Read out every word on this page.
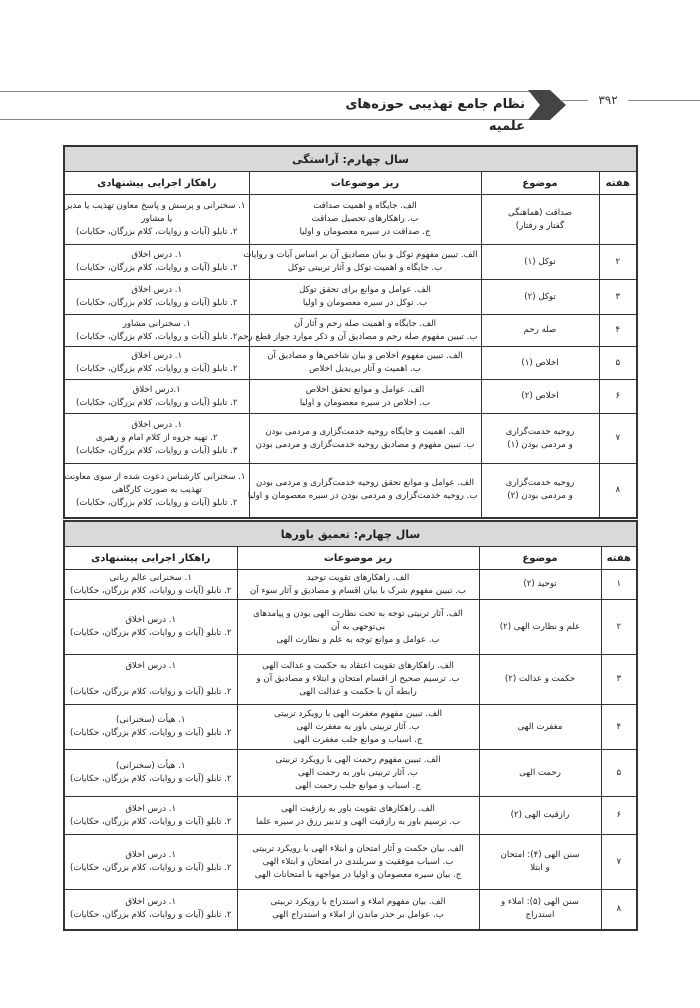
نظام جامع تهذیبی حوزه‌های علمیه
۳۹۲
سال چهارم: آراستگی			
هفته	موضوع	ریز موضوعات	راهکار اجرایی پیشنهادی

	صداقت (هماهنگی
گفتار و رفتار)	الف. جایگاه و اهمیت صداقت
ب. راهکارهای تحصیل صداقت
ج. صداقت در سیره معصومان و اولیا	۱. سخنرانی و پرسش و پاسخ معاون تهذیب یا مدیر
یا مشاور
۲. تابلو (آیات و روایات، کلام بزرگان، حکایات)

۲	توکل (۱)	الف. تبیین مفهوم توکل و بیان مصادیق آن بر اساس آیات و روایات
ب. جایگاه و اهمیت توکل و آثار تربیتی توکل	۱. درس اخلاق
۲. تابلو (آیات و روایات، کلام بزرگان، حکایات)

۳	توکل (۲)	الف. عوامل و موانع برای تحقق توکل
ب. توکل در سیره معصومان و اولیا	۱. درس اخلاق
۲. تابلو (آیات و روایات، کلام بزرگان، حکایات)

۴	صله رحم	الف. جایگاه و اهمیت صله رحم و آثار آن
ب. تبیین مفهوم صله رحم و مصادیق آن و ذکر موارد جواز قطع رحم	۱. سخنرانی مشاور
۲. تابلو (آیات و روایات، کلام بزرگان، حکایات)

۵	اخلاص (۱)	الف. تبیین مفهوم اخلاص و بیان شاخص‌ها و مصادیق آن
ب. اهمیت و آثار بی‌بدیل اخلاص	۱. درس اخلاق
۲. تابلو (آیات و روایات، کلام بزرگان، حکایات)

۶	اخلاص (۲)	الف. عوامل و موانع تحقق اخلاص
ب. اخلاص در سیره معصومان و اولیا	۱.درس اخلاق
۲. تابلو (آیات و روایات، کلام بزرگان، حکایات)

۷	روحیه خدمت‌گزاری
و مردمی بودن (۱)	الف. اهمیت و جایگاه روحیه خدمت‌گزاری و مردمی بودن
ب. تبیین مفهوم و مصادیق روحیه خدمت‌گزاری و مردمی بودن	۱. درس اخلاق
۲. تهیه جزوه از کلام امام و رهبری
۳. تابلو (آیات و روایات، کلام بزرگان، حکایات)

۸	روحیه خدمت‌گزاری
و مردمی بودن (۲)	الف. عوامل و موانع تحقق روحیه خدمت‌گزاری و مردمی بودن
ب. روحیه خدمت‌گزاری و مردمی بودن در سیره معصومان و اولیا	۱. سخنرانی کارشناس دعوت شده از سوی معاونت
تهذیب به صورت کارگاهی
۲. تابلو (آیات و روایات، کلام بزرگان، حکایات)
سال چهارم: تعمیق باورها			
هفته	موضوع	ریز موضوعات	راهکار اجرایی پیشنهادی
۱	توحید (۲)	الف. راهکارهای تقویت توحید
ب. تبیین مفهوم شرک با بیان اقسام و مصادیق و آثار سوء آن	۱. سخنرانی عالم ربانی
۲. تابلو (آیات و روایات، کلام بزرگان، حکایات)

۲	علم و نظارت الهی (۲)	الف. آثار تربیتی توجه به تحت نظارت الهی بودن و پیامدهای
بی‌توجهی به آن
ب. عوامل و موانع توجه به علم و نظارت الهی	۱. درس اخلاق
۲. تابلو (آیات و روایات، کلام بزرگان، حکایات)

۳	حکمت و عدالت (۲)	الف. راهکارهای تقویت اعتقاد به حکمت و عدالت الهی
ب. ترسیم صحیح از اقسام امتحان و ابتلاء و مصادیق آن و
رابطه آن با حکمت و عدالت الهی	۱. درس اخلاق

۲. تابلو (آیات و روایات، کلام بزرگان، حکایات)

۴	مغفرت الهی	الف. تبیین مفهوم مغفرت الهی با رویکرد تربیتی
ب. آثار تربیتی باور به مغفرت الهی
ج. اسباب و موانع جلب مغفرت الهی	۱. هیأت (سخنرانی)
۲. تابلو (آیات و روایات، کلام بزرگان، حکایات)

۵	رحمت الهی	الف. تبیین مفهوم رحمت الهی با رویکرد تربیتی
ب. آثار تربیتی باور به رحمت الهی
ج. اسباب و موانع جلب رحمت الهی	۱. هیأت (سخنرانی)
۲. تابلو (آیات و روایات، کلام بزرگان، حکایات)

۶	رازقیت الهی (۲)	الف. راهکارهای تقویت باور به رازقیت الهی
ب. ترسیم باور به رازقیت الهی و تدبیر رزق در سیره علما	۱. درس اخلاق
۲. تابلو (آیات و روایات، کلام بزرگان، حکایات)

۷	سنن الهی (۴): امتحان
و ابتلا	الف. بیان حکمت و آثار امتحان و ابتلاء الهی با رویکرد تربیتی
ب. اسباب موفقیت و سربلندی در امتحان و ابتلاء الهی
ج. بیان سیره معصومان و اولیا در مواجهه با امتحانات الهی	۱. درس اخلاق
۲. تابلو (آیات و روایات، کلام بزرگان، حکایات)

۸	سنن الهی (۵): املاء و
استدراج	الف. بیان مفهوم املاء و استدراج با رویکرد تربیتی
ب. عوامل بر حذر ماندن از املاء و استدراج الهی	۱. درس اخلاق
۲. تابلو (آیات و روایات، کلام بزرگان، حکایات)
